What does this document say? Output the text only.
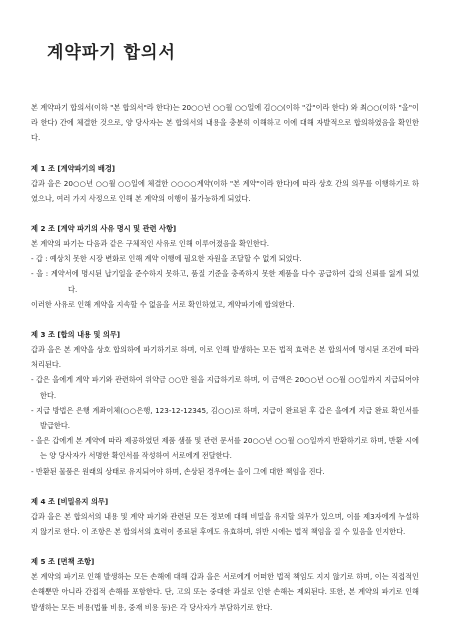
계약파기 합의서

본 계약파기 합의서(이하 "본 합의서"라 한다)는 20○○년 ○○월 ○○일에 김○○(이하 "갑"이라 한다) 와 최○○(이하 "을"이라 한다) 간에 체결한 것으로, 양 당사자는 본 합의서의 내용을 충분히 이해하고 이에 대해 자발적으로 합의하였음을 확인한다.

제 1 조 [계약파기의 배경]

갑과 을은 20○○년 ○○월 ○○일에 체결한 ○○○○계약(이하 "본 계약"이라 한다)에 따라 상호 간의 의무를 이행하기로 하였으나, 여러 가지 사정으로 인해 본 계약의 이행이 불가능하게 되었다.

제 2 조 [계약 파기의 사유 명시 및 관련 사항]

본 계약의 파기는 다음과 같은 구체적인 사유로 인해 이루어졌음을 확인한다.

- 갑 : 예상치 못한 시장 변화로 인해 계약 이행에 필요한 자원을 조달할 수 없게 되었다.
- 을 : 계약서에 명시된 납기일을 준수하지 못하고, 품질 기준을 충족하지 못한 제품을 다수 공급하여 갑의 신뢰를 잃게 되었다.

이러한 사유로 인해 계약을 지속할 수 없음을 서로 확인하였고, 계약파기에 합의한다.

제 3 조 [합의 내용 및 의무]

갑과 을은 본 계약을 상호 합의하에 파기하기로 하며, 이로 인해 발생하는 모든 법적 효력은 본 합의서에 명시된 조건에 따라 처리된다.

- 갑은 을에게 계약 파기와 관련하여 위약금 ○○만 원을 지급하기로 하며, 이 금액은 20○○년 ○○월 ○○일까지 지급되어야 한다.
- 지급 방법은 은행 계좌이체(○○은행, 123-12-12345, 김○○)로 하며, 지급이 완료된 후 갑은 을에게 지급 완료 확인서를 발급한다.
- 을은 갑에게 본 계약에 따라 제공하였던 제품 샘플 및 관련 문서를 20○○년 ○○월 ○○일까지 반환하기로 하며, 반환 시에는 양 당사자가 서명한 확인서를 작성하여 서로에게 전달한다.
- 반환된 물품은 원래의 상태로 유지되어야 하며, 손상된 경우에는 을이 그에 대한 책임을 진다.
제 4 조 [비밀유지 의무]

갑과 을은 본 합의서의 내용 및 계약 파기와 관련된 모든 정보에 대해 비밀을 유지할 의무가 있으며, 이를 제3자에게 누설하지 않기로 한다. 이 조항은 본 합의서의 효력이 종료된 후에도 유효하며, 위반 시에는 법적 책임을 질 수 있음을 인지한다.

제 5 조 [면책 조항]

본 계약의 파기로 인해 발생하는 모든 손해에 대해 갑과 을은 서로에게 어떠한 법적 책임도 지지 않기로 하며, 이는 직접적인 손해뿐만 아니라 간접적 손해를 포함한다. 단, 고의 또는 중대한 과실로 인한 손해는 제외된다. 또한, 본 계약의 파기로 인해 발생하는 모든 비용(법률 비용, 중재 비용 등)은 각 당사자가 부담하기로 한다.
